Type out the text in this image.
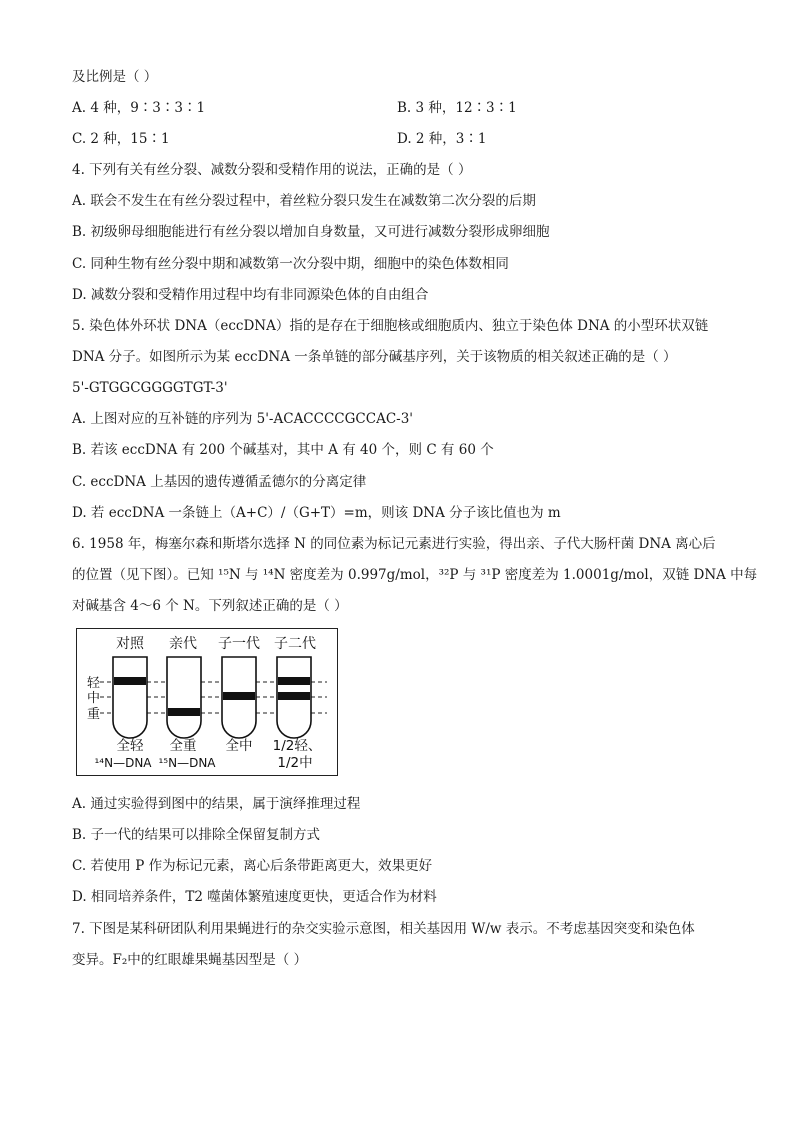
及比例是（ ）
A. 4 种，9∶3∶3∶1	B. 3 种，12∶3∶1
C. 2 种，15∶1	D. 2 种，3∶1
4. 下列有关有丝分裂、减数分裂和受精作用的说法，正确的是（ ）
A. 联会不发生在有丝分裂过程中，着丝粒分裂只发生在减数第二次分裂的后期
B. 初级卵母细胞能进行有丝分裂以增加自身数量，又可进行减数分裂形成卵细胞
C. 同种生物有丝分裂中期和减数第一次分裂中期，细胞中的染色体数相同
D. 减数分裂和受精作用过程中均有非同源染色体的自由组合
5. 染色体外环状 DNA（eccDNA）指的是存在于细胞核或细胞质内、独立于染色体 DNA 的小型环状双链
DNA 分子。如图所示为某 eccDNA 一条单链的部分碱基序列，关于该物质的相关叙述正确的是（ ）
5'-GTGGCGGGGTGT-3'
A. 上图对应的互补链的序列为 5'-ACACCCCGCCAC-3'
B. 若该 eccDNA 有 200 个碱基对，其中 A 有 40 个，则 C 有 60 个
C. eccDNA 上基因的遗传遵循孟德尔的分离定律
D. 若 eccDNA 一条链上（A+C）/（G+T）=m，则该 DNA 分子该比值也为 m
6. 1958 年，梅塞尔森和斯塔尔选择 N 的同位素为标记元素进行实验，得出亲、子代大肠杆菌 DNA 离心后
的位置（见下图）。已知 ¹⁵N 与 ¹⁴N 密度差为 0.997g/mol，³²P 与 ³¹P 密度差为 1.0001g/mol，双链 DNA 中每
对碱基含 4～6 个 N。下列叙述正确的是（ ）
对照 亲代 子一代 子二代
轻
中
重
全轻 全重 全中 1/2轻、
¹⁴N—DNA ¹⁵N—DNA	1/2中
A. 通过实验得到图中的结果，属于演绎推理过程
B. 子一代的结果可以排除全保留复制方式
C. 若使用 P 作为标记元素，离心后条带距离更大，效果更好
D. 相同培养条件，T2 噬菌体繁殖速度更快，更适合作为材料
7. 下图是某科研团队利用果蝇进行的杂交实验示意图，相关基因用 W/w 表示。不考虑基因突变和染色体
变异。F₂中的红眼雄果蝇基因型是（ ）
